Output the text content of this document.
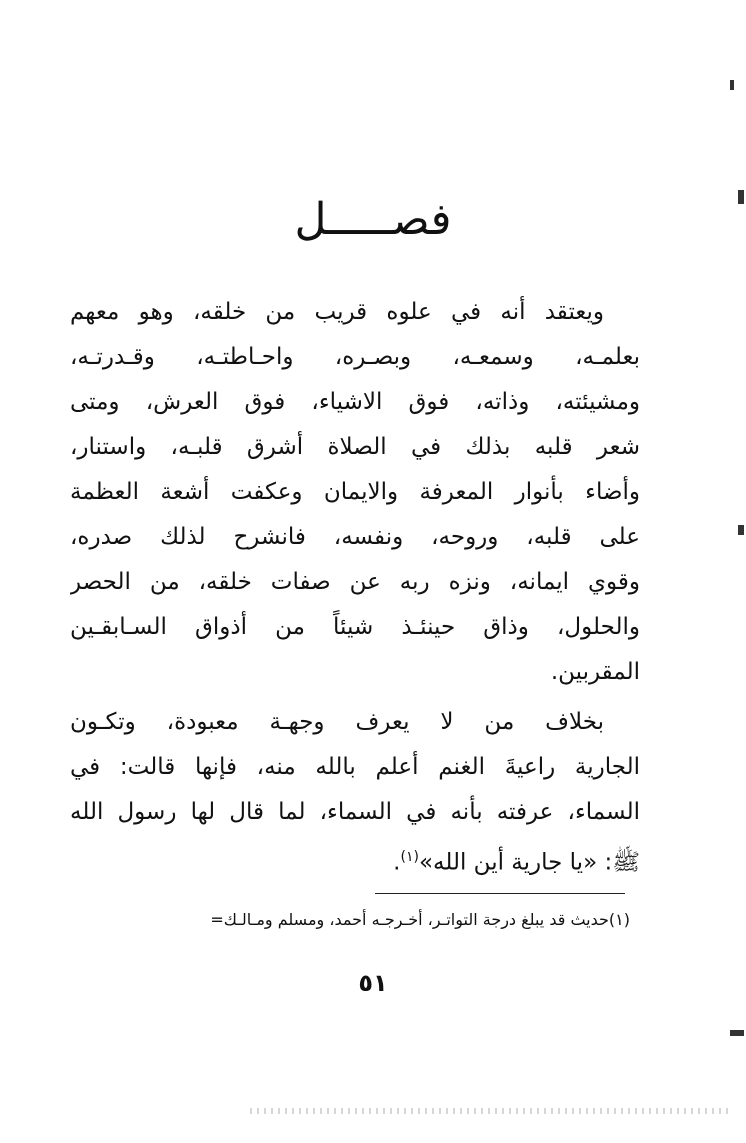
فصـــــل
ويعتقد أنه في علوه قريب من خلقه، وهو معهم
بعلمـه، وسمعـه، وبصـره، واحـاطتـه، وقـدرتـه،
ومشيئته، وذاته، فوق الاشياء، فوق العرش، ومتى
شعر قلبه بذلك في الصلاة أشرق قلبـه، واستنار،
وأضاء بأنوار المعرفة والايمان وعكفت أشعة العظمة
على قلبه، وروحه، ونفسه، فانشرح لذلك صدره،
وقوي ايمانه، ونزه ربه عن صفات خلقه، من الحصر
والحلول، وذاق حينئـذ شيئاً من أذواق السـابقـين
المقربين.
بخلاف من لا يعرف وجهـة معبودة، وتكـون
الجارية راعيةَ الغنم أعلم بالله منه، فإنها قالت: في
السماء، عرفته بأنه في السماء، لما قال لها رسول الله
ﷺ: «يا جارية أين الله»$^{(١)}$.
(١)حديث قد يبلغ درجة التواتـر، أخـرجـه أحمد، ومسلم ومـالـك=
٥١
